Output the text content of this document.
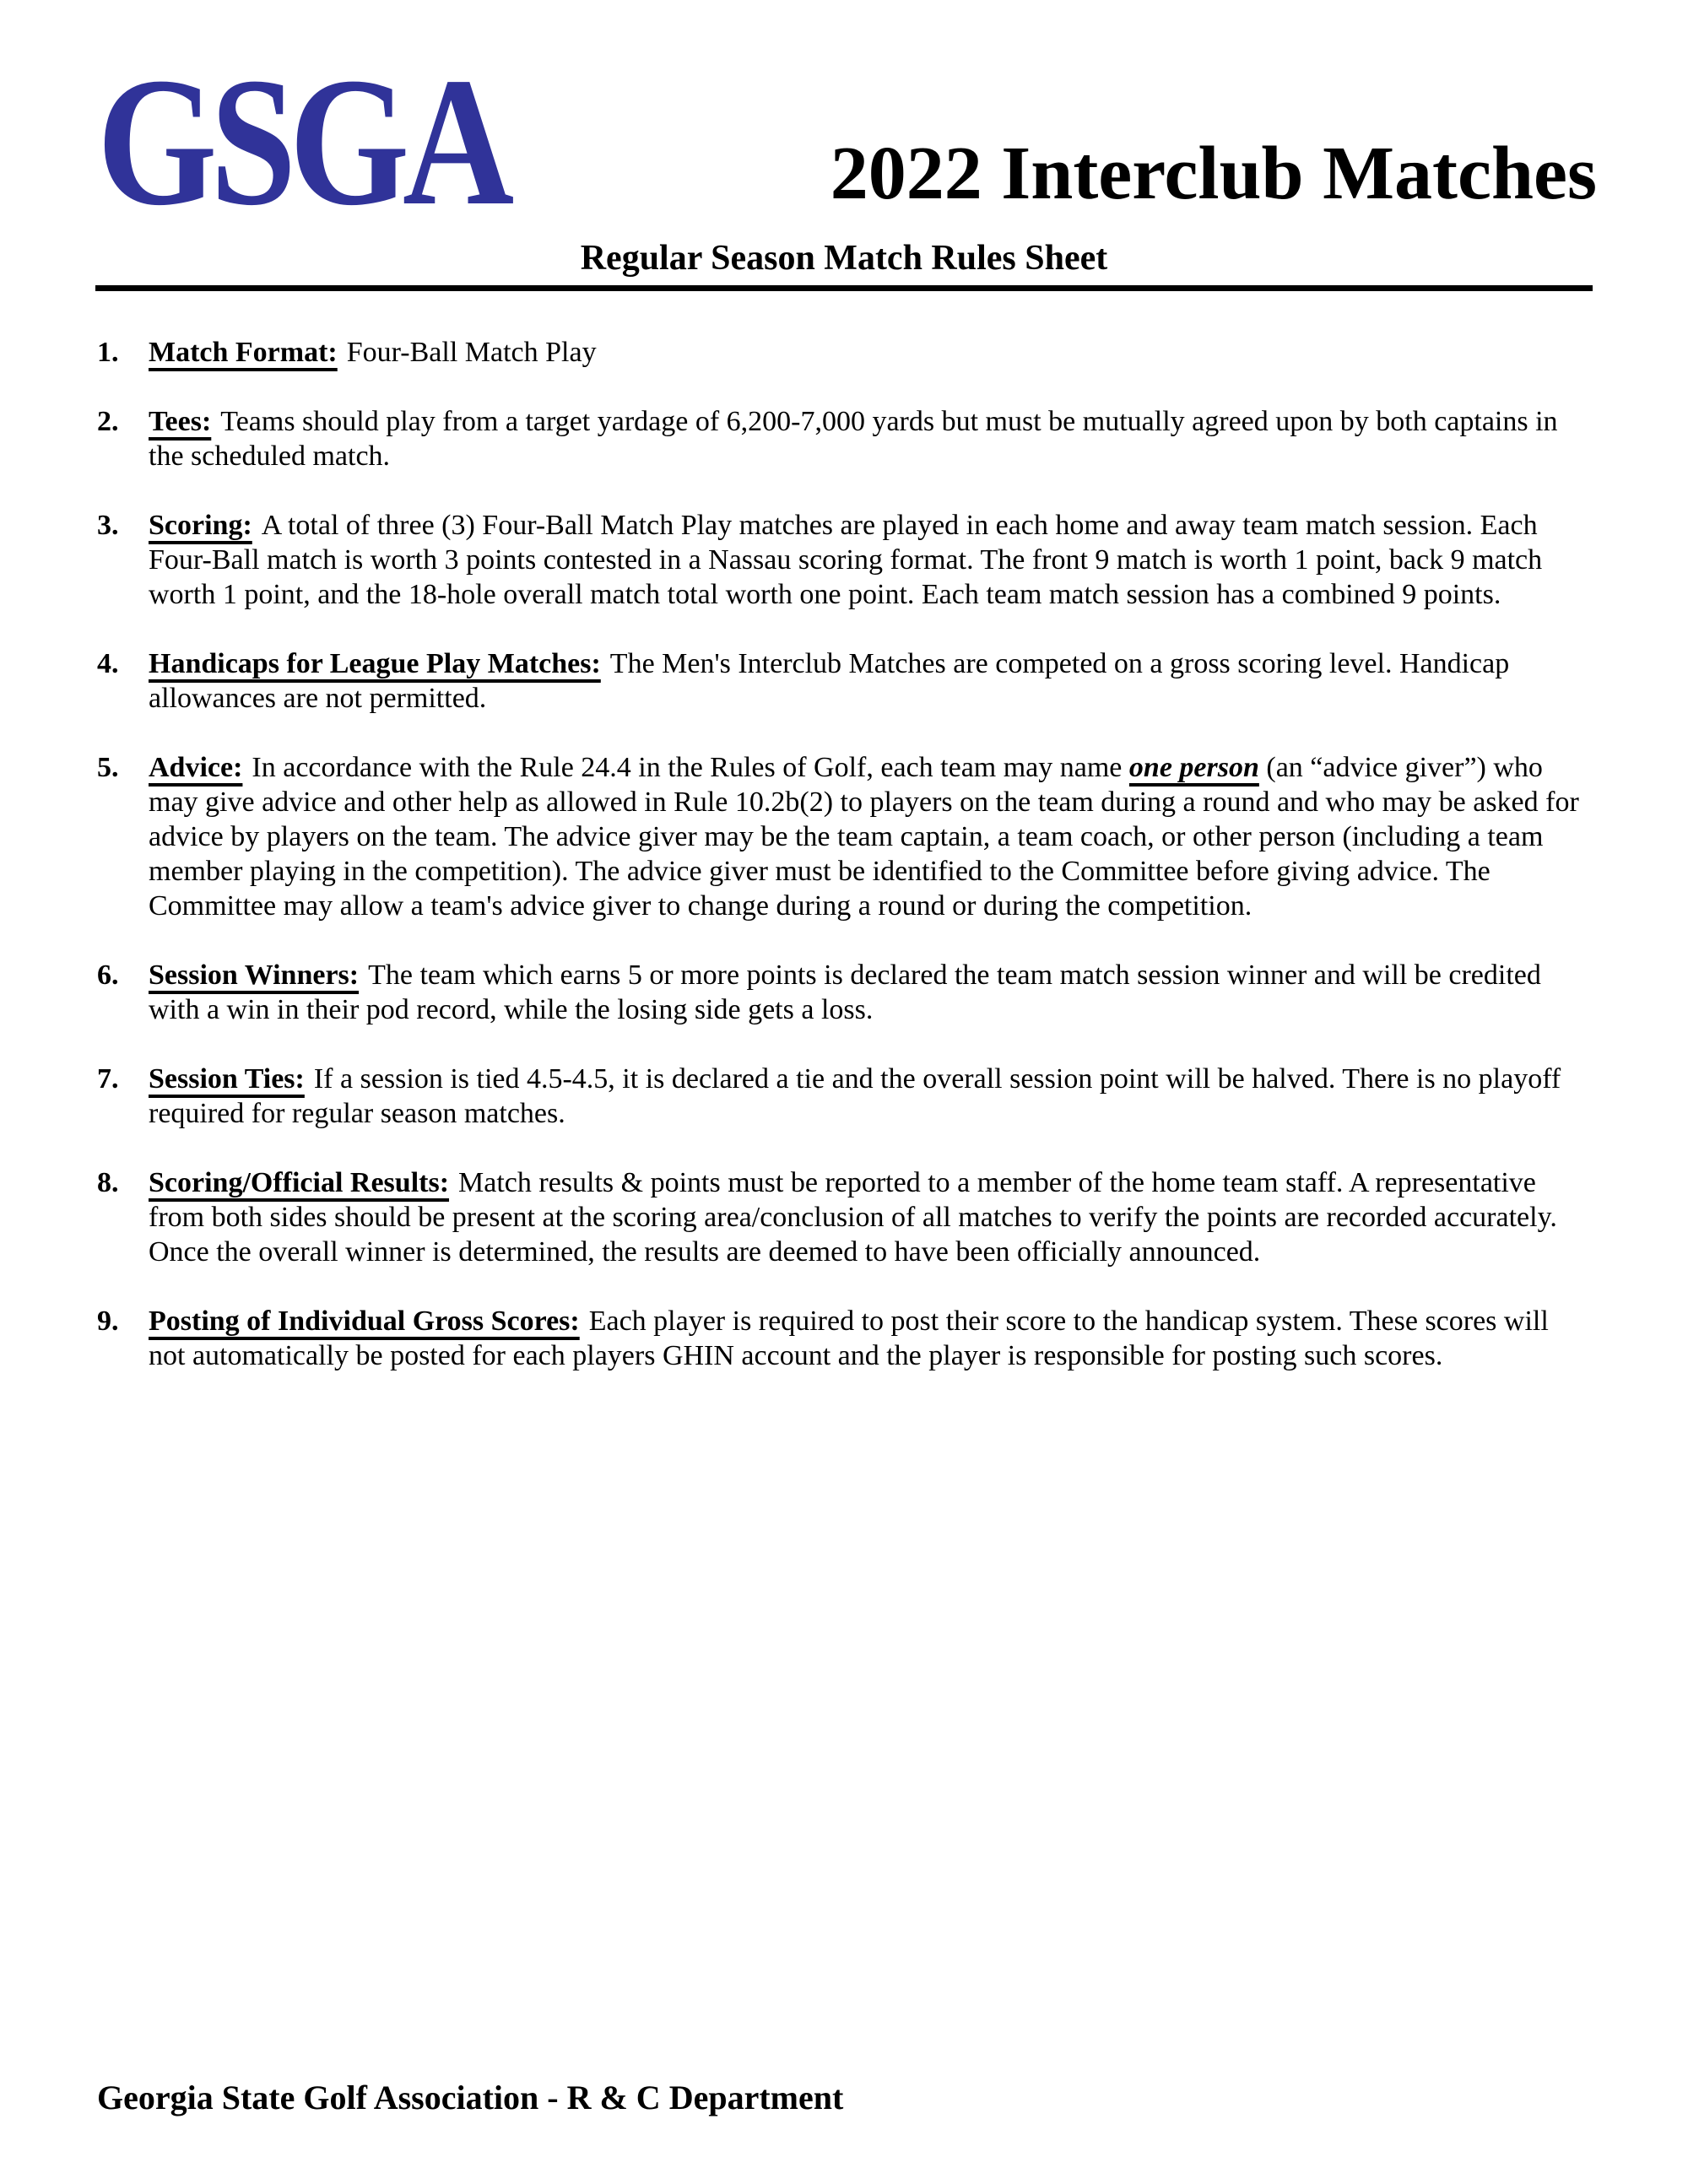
GSGA	2022 Interclub Matches
Regular Season Match Rules Sheet
1.	Match Format: Four-Ball Match Play
2.	Tees: Teams should play from a target yardage of 6,200-7,000 yards but must be mutually agreed upon by both captains in the scheduled match.
3.	Scoring: A total of three (3) Four-Ball Match Play matches are played in each home and away team match session. Each Four-Ball match is worth 3 points contested in a Nassau scoring format. The front 9 match is worth 1 point, back 9 match worth 1 point, and the 18-hole overall match total worth one point. Each team match session has a combined 9 points.
4.	Handicaps for League Play Matches: The Men's Interclub Matches are competed on a gross scoring level. Handicap allowances are not permitted.
5.	Advice: In accordance with the Rule 24.4 in the Rules of Golf, each team may name one person (an “advice giver”) who may give advice and other help as allowed in Rule 10.2b(2) to players on the team during a round and who may be asked for advice by players on the team. The advice giver may be the team captain, a team coach, or other person (including a team member playing in the competition). The advice giver must be identified to the Committee before giving advice. The Committee may allow a team's advice giver to change during a round or during the competition.
6.	Session Winners: The team which earns 5 or more points is declared the team match session winner and will be credited with a win in their pod record, while the losing side gets a loss.
7.	Session Ties: If a session is tied 4.5-4.5, it is declared a tie and the overall session point will be halved. There is no playoff required for regular season matches.
8.	Scoring/Official Results: Match results & points must be reported to a member of the home team staff. A representative from both sides should be present at the scoring area/conclusion of all matches to verify the points are recorded accurately. Once the overall winner is determined, the results are deemed to have been officially announced.
9.	Posting of Individual Gross Scores: Each player is required to post their score to the handicap system. These scores will not automatically be posted for each players GHIN account and the player is responsible for posting such scores.
Georgia State Golf Association - R & C Department
